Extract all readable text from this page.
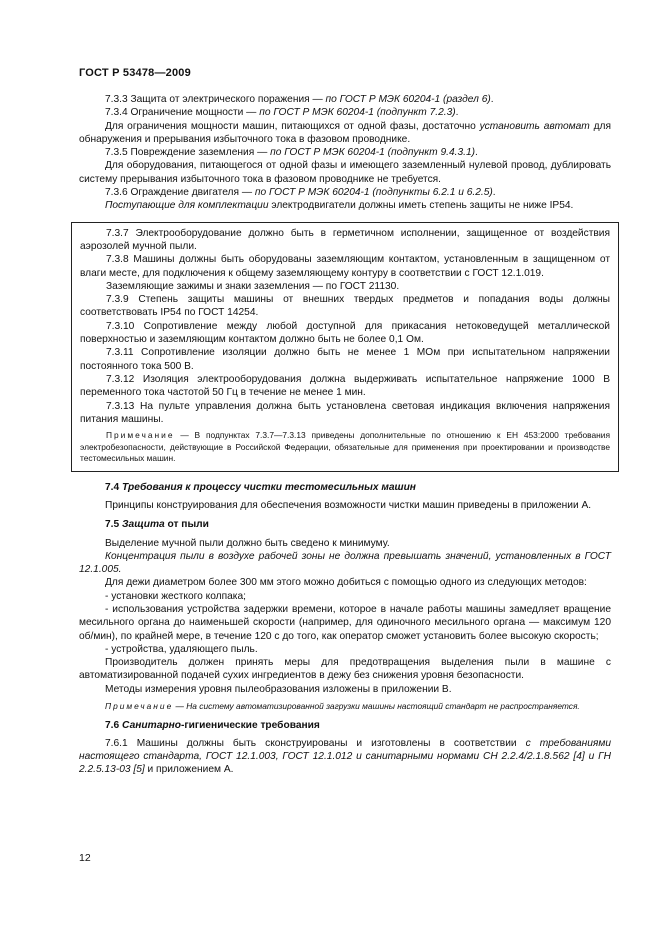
ГОСТ Р 53478—2009

7.3.3 Защита от электрического поражения — по ГОСТ Р МЭК 60204-1 (раздел 6).

7.3.4 Ограничение мощности — по ГОСТ Р МЭК 60204-1 (подпункт 7.2.3).

Для ограничения мощности машин, питающихся от одной фазы, достаточно установить автомат для обнаружения и прерывания избыточного тока в фазовом проводнике.

7.3.5 Повреждение заземления — по ГОСТ Р МЭК 60204-1 (подпункт 9.4.3.1).

Для оборудования, питающегося от одной фазы и имеющего заземленный нулевой провод, дублировать систему прерывания избыточного тока в фазовом проводнике не требуется.

7.3.6 Ограждение двигателя — по ГОСТ Р МЭК 60204-1 (подпункты 6.2.1 и 6.2.5).

Поступающие для комплектации электродвигатели должны иметь степень защиты не ниже IP54.

7.3.7 Электрооборудование должно быть в герметичном исполнении, защищенное от воздействия аэрозолей мучной пыли.

7.3.8 Машины должны быть оборудованы заземляющим контактом, установленным в защищенном от влаги месте, для подключения к общему заземляющему контуру в соответствии с ГОСТ 12.1.019.

Заземляющие зажимы и знаки заземления — по ГОСТ 21130.

7.3.9 Степень защиты машины от внешних твердых предметов и попадания воды должны соответствовать IP54 по ГОСТ 14254.

7.3.10 Сопротивление между любой доступной для прикасания нетоковедущей металлической поверхностью и заземляющим контактом должно быть не более 0,1 Ом.

7.3.11 Сопротивление изоляции должно быть не менее 1 МОм при испытательном напряжении постоянного тока 500 В.

7.3.12 Изоляция электрооборудования должна выдерживать испытательное напряжение 1000 В переменного тока частотой 50 Гц в течение не менее 1 мин.

7.3.13 На пульте управления должна быть установлена световая индикация включения напряжения питания машины.

Примечание — В подпунктах 7.3.7—7.3.13 приведены дополнительные по отношению к ЕН 453:2000 требования электробезопасности, действующие в Российской Федерации, обязательные для применения при проектировании и производстве тестомесильных машин.

7.4 Требования к процессу чистки тестомесильных машин

Принципы конструирования для обеспечения возможности чистки машин приведены в приложении А.

7.5 Защита от пыли

Выделение мучной пыли должно быть сведено к минимуму.

Концентрация пыли в воздухе рабочей зоны не должна превышать значений, установленных в ГОСТ 12.1.005.

Для дежи диаметром более 300 мм этого можно добиться с помощью одного из следующих методов:

- установки жесткого колпака;

- использования устройства задержки времени, которое в начале работы машины замедляет вращение месильного органа до наименьшей скорости (например, для одиночного месильного органа — максимум 120 об/мин), по крайней мере, в течение 120 с до того, как оператор сможет установить более высокую скорость;

- устройства, удаляющего пыль.

Производитель должен принять меры для предотвращения выделения пыли в машине с автоматизированной подачей сухих ингредиентов в дежу без снижения уровня безопасности.

Методы измерения уровня пылеобразования изложены в приложении В.

Примечание — На систему автоматизированной загрузки машины настоящий стандарт не распространяется.

7.6 Санитарно-гигиенические требования

7.6.1 Машины должны быть сконструированы и изготовлены в соответствии с требованиями настоящего стандарта, ГОСТ 12.1.003, ГОСТ 12.1.012 и санитарными нормами СН 2.2.4/2.1.8.562 [4] и ГН 2.2.5.13-03 [5] и приложением А.

12
